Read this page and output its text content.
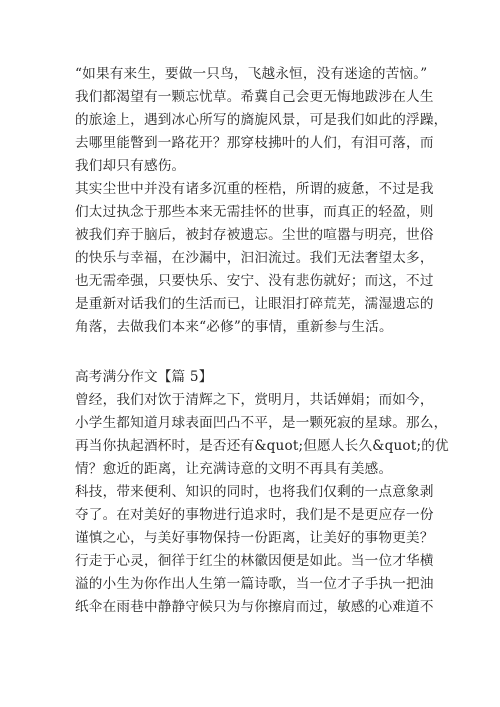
“如果有来生，要做一只鸟，飞越永恒，没有迷途的苦恼。”
我们都渴望有一颗忘忧草。希冀自己会更无悔地跋涉在人生
的旅途上，遇到冰心所写的旖旎风景，可是我们如此的浮躁，
去哪里能瞥到一路花开？那穿枝拂叶的人们，有泪可落，而
我们却只有感伤。
其实尘世中并没有诸多沉重的桎梏，所谓的疲惫，不过是我
们太过执念于那些本来无需挂怀的世事，而真正的轻盈，则
被我们弃于脑后，被封存被遗忘。尘世的喧嚣与明亮，世俗
的快乐与幸福，在沙漏中，汩汩流过。我们无法奢望太多，
也无需牵强，只要快乐、安宁、没有悲伤就好；而这，不过
是重新对话我们的生活而已，让眼泪打碎荒芜，濡湿遗忘的
角落，去做我们本来“必修”的事情，重新参与生活。
高考满分作文【篇 5】
曾经，我们对饮于清辉之下，赏明月，共话婵娟；而如今，
小学生都知道月球表面凹凸不平，是一颗死寂的星球。那么，
再当你执起酒杯时，是否还有&quot;但愿人长久&quot;的优
情？愈近的距离，让充满诗意的文明不再具有美感。
科技，带来便利、知识的同时，也将我们仅剩的一点意象剥
夺了。在对美好的事物进行追求时，我们是不是更应存一份
谨慎之心，与美好事物保持一份距离，让美好的事物更美？
行走于心灵，徊徉于红尘的林徽因便是如此。当一位才华横
溢的小生为你作出人生第一篇诗歌，当一位才子手执一把油
纸伞在雨巷中静静守候只为与你擦肩而过，敏感的心难道不
